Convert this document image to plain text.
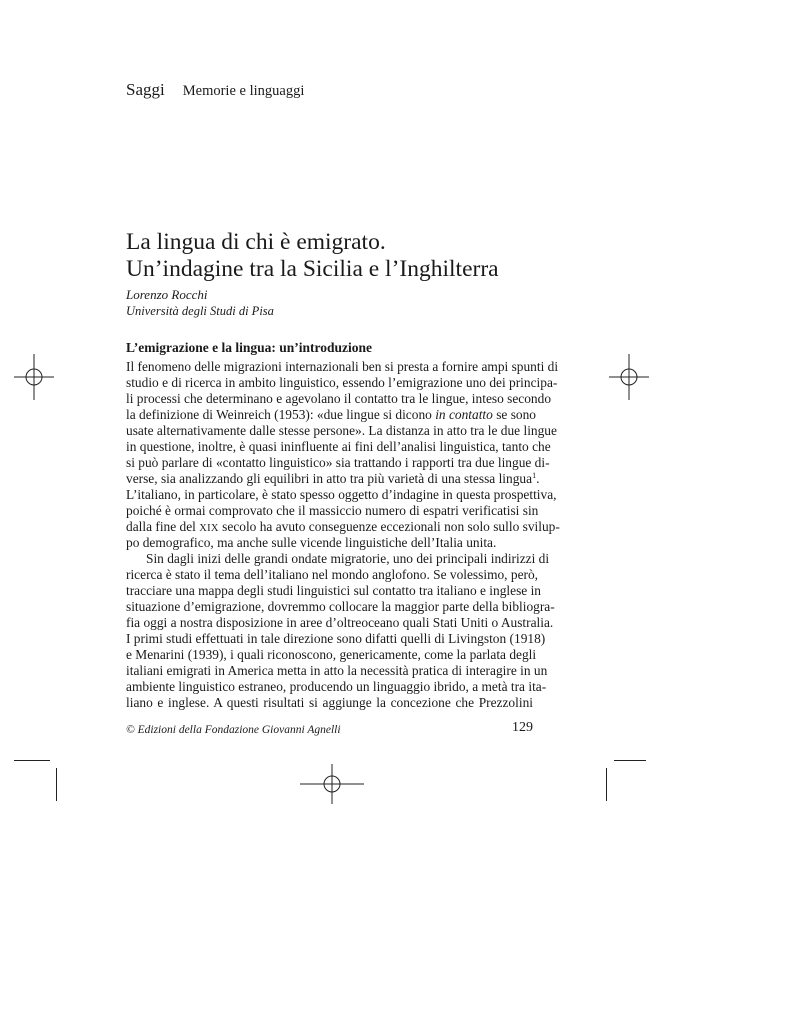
Saggi Memorie e linguaggi
La lingua di chi è emigrato.
Un’indagine tra la Sicilia e l’Inghilterra
Lorenzo Rocchi
Università degli Studi di Pisa
L’emigrazione e la lingua: un’introduzione
Il fenomeno delle migrazioni internazionali ben si presta a fornire ampi spunti di
studio e di ricerca in ambito linguistico, essendo l’emigrazione uno dei principa-
li processi che determinano e agevolano il contatto tra le lingue, inteso secondo
la definizione di Weinreich (1953): «due lingue si dicono in contatto se sono
usate alternativamente dalle stesse persone». La distanza in atto tra le due lingue
in questione, inoltre, è quasi ininfluente ai fini dell’analisi linguistica, tanto che
si può parlare di «contatto linguistico» sia trattando i rapporti tra due lingue di-
verse, sia analizzando gli equilibri in atto tra più varietà di una stessa lingua$^1$.
L’italiano, in particolare, è stato spesso oggetto d’indagine in questa prospettiva,
poiché è ormai comprovato che il massiccio numero di espatri verificatisi sin
dalla fine del XIX secolo ha avuto conseguenze eccezionali non solo sullo svilup-
po demografico, ma anche sulle vicende linguistiche dell’Italia unita.
Sin dagli inizi delle grandi ondate migratorie, uno dei principali indirizzi di
ricerca è stato il tema dell’italiano nel mondo anglofono. Se volessimo, però,
tracciare una mappa degli studi linguistici sul contatto tra italiano e inglese in
situazione d’emigrazione, dovremmo collocare la maggior parte della bibliogra-
fia oggi a nostra disposizione in aree d’oltreoceano quali Stati Uniti o Australia.
I primi studi effettuati in tale direzione sono difatti quelli di Livingston (1918)
e Menarini (1939), i quali riconoscono, genericamente, come la parlata degli
italiani emigrati in America metta in atto la necessità pratica di interagire in un
ambiente linguistico estraneo, producendo un linguaggio ibrido, a metà tra ita-
liano e inglese. A questi risultati si aggiunge la concezione che Prezzolini
© Edizioni della Fondazione Giovanni Agnelli	129
